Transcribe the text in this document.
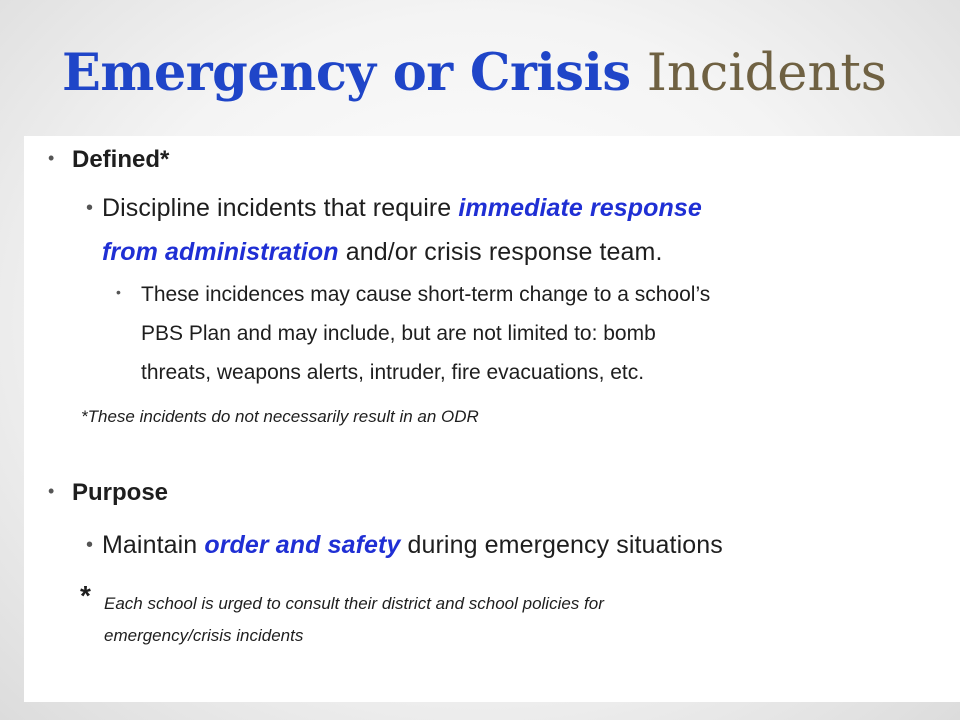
Emergency or Crisis Incidents
• Defined*
• Discipline incidents that require immediate response
from administration and/or crisis response team.
• These incidences may cause short-term change to a school’s
PBS Plan and may include, but are not limited to: bomb
threats, weapons alerts, intruder, fire evacuations, etc.
*These incidents do not necessarily result in an ODR
• Purpose
• Maintain order and safety during emergency situations
* Each school is urged to consult their district and school policies for
emergency/crisis incidents
